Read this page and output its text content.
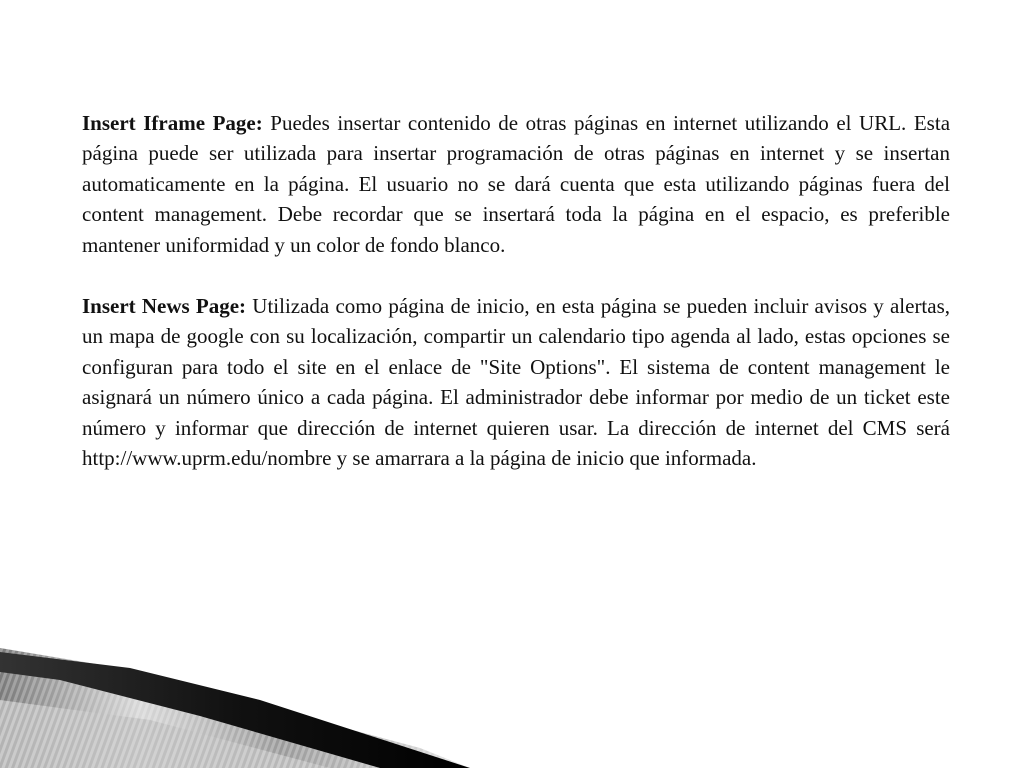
Insert Iframe Page: Puedes insertar contenido de otras páginas en internet utilizando el URL. Esta página puede ser utilizada para insertar programación de otras páginas en internet y se insertan automaticamente en la página. El usuario no se dará cuenta que esta utilizando páginas fuera del content management. Debe recordar que se insertará toda la página en el espacio, es preferible mantener uniformidad y un color de fondo blanco.

Insert News Page: Utilizada como página de inicio, en esta página se pueden incluir avisos y alertas, un mapa de google con su localización, compartir un calendario tipo agenda al lado, estas opciones se configuran para todo el site en el enlace de "Site Options". El sistema de content management le asignará un número único a cada página. El administrador debe informar por medio de un ticket este número y informar que dirección de internet quieren usar. La dirección de internet del CMS será http://www.uprm.edu/nombre y se amarrara a la página de inicio que informada.
